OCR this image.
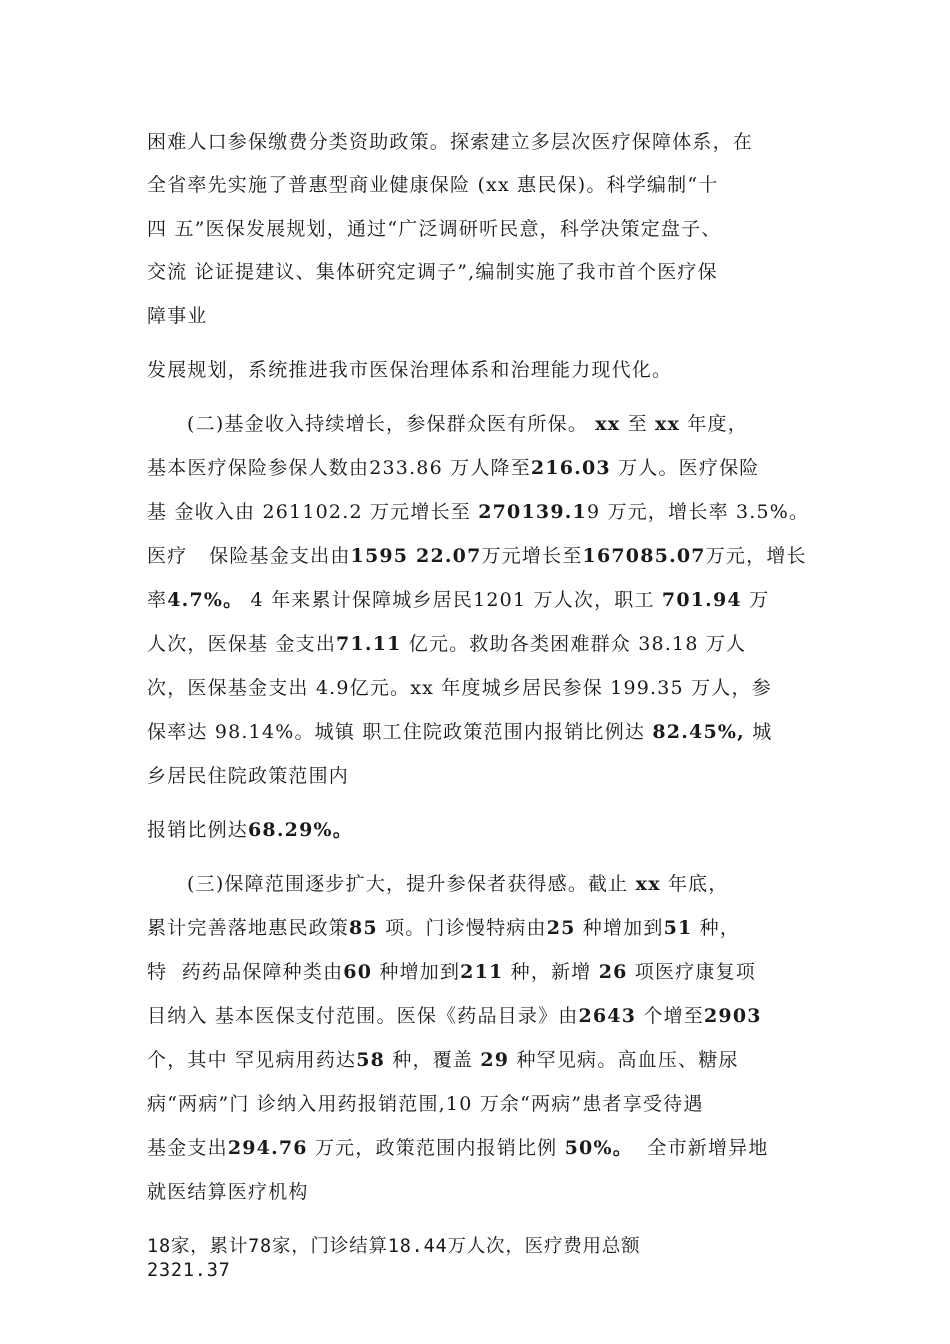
困难人口参保缴费分类资助政策。探索建立多层次医疗保障体系，在
全省率先实施了普惠型商业健康保险 (xx 惠民保)。科学编制“十
四 五”医保发展规划，通过“广泛调研听民意，科学决策定盘子、
交流 论证提建议、集体研究定调子”,编制实施了我市首个医疗保
障事业
发展规划，系统推进我市医保治理体系和治理能力现代化。
(二)基金收入持续增长，参保群众医有所保。 xx 至 xx 年度，
基本医疗保险参保人数由233.86 万人降至216.03 万人。医疗保险
基 金收入由 261102.2 万元增长至 270139.19 万元，增长率 3.5%。
医疗   保险基金支出由1595 22.07万元增长至167085.07万元，增长
率4.7%。 4 年来累计保障城乡居民1201 万人次，职工 701.94 万
人次，医保基 金支出71.11 亿元。救助各类困难群众 38.18 万人
次，医保基金支出 4.9亿元。xx 年度城乡居民参保 199.35 万人，参
保率达 98.14%。城镇 职工住院政策范围内报销比例达 82.45%, 城
乡居民住院政策范围内
报销比例达68.29%。
(三)保障范围逐步扩大，提升参保者获得感。截止 xx 年底，
累计完善落地惠民政策85 项。门诊慢特病由25 种增加到51 种，
特  药药品保障种类由60 种增加到211 种，新增 26 项医疗康复项
目纳入 基本医保支付范围。医保《药品目录》由2643 个增至2903
个，其中 罕见病用药达58 种，覆盖 29 种罕见病。高血压、糖尿
病“两病”门 诊纳入用药报销范围,10 万余“两病”患者享受待遇
基金支出294.76 万元，政策范围内报销比例 50%。  全市新增异地
就医结算医疗机构
18家，累计78家，门诊结算18.44万人次，医疗费用总额
2321.37
